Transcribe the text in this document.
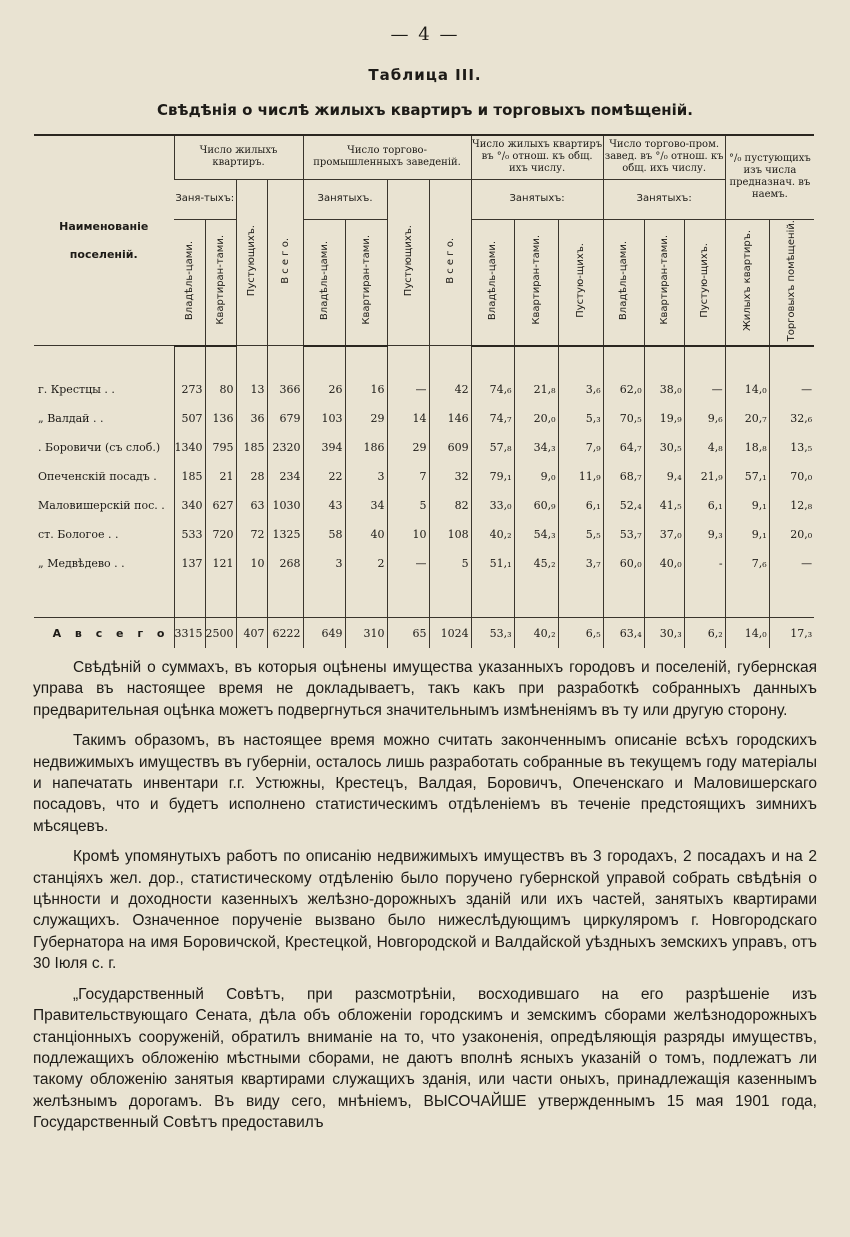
— 4 —
Таблица III.
Свѣдѣнія о числѣ жилыхъ квартиръ и торговыхъ помѣщеній.
Наименованіе
поселеній.	Число жилыхъ квартиръ.				Число торгово-промышленныхъ заведеній.				Число жилыхъ квартиръ въ °/₀ отнош. къ общ. ихъ числу.			Число торгово-пром. завед. въ °/₀ отнош. къ общ. ихъ числу.			°/₀ пустующихъ изъ числа предназнач. въ наемъ.	
	Заня-тыхъ:		Пустующихъ.	В с е г о.	Занятыхъ.		Пустующихъ.	В с е г о.	Занятыхъ:			Занятыхъ:				
	Владѣль-цами.	Квартиран-тами.			Владѣль-цами.	Квартиран-тами.			Владѣль-цами.	Квартиран-тами.	Пустую-щихъ.	Владѣль-цами.	Квартиран-тами.	Пустую-щихъ.	Жилыхъ квартиръ.	Торговыхъ помѣщеній.

г. Крестцы . .	273	80	13	366	26	16	—	42	74,₆	21,₈	3,₆	62,₀	38,₀	—	14,₀	—
„ Валдай . .	507	136	36	679	103	29	14	146	74,₇	20,₀	5,₃	70,₅	19,₉	9,₆	20,₇	32,₆
. Боровичи (съ слоб.)	1340	795	185	2320	394	186	29	609	57,₈	34,₃	7,₉	64,₇	30,₅	4,₈	18,₈	13,₅
Опеченскій посадъ .	185	21	28	234	22	3	7	32	79,₁	9,₀	11,₉	68,₇	9,₄	21,₉	57,₁	70,₀
Маловишерскій пос. .	340	627	63	1030	43	34	5	82	33,₀	60,₉	6,₁	52,₄	41,₅	6,₁	9,₁	12,₈
ст. Бологое . .	533	720	72	1325	58	40	10	108	40,₂	54,₃	5,₅	53,₇	37,₀	9,₃	9,₁	20,₀
„ Медвѣдево . .	137	121	10	268	3	2	—	5	51,₁	45,₂	3,₇	60,₀	40,₀	-	7,₆	—

А в с е г о	3315	2500	407	6222	649	310	65	1024	53,₃	40,₂	6,₅	63,₄	30,₃	6,₂	14,₀	17,₃

Свѣдѣній о суммахъ, въ которыя оцѣнены имущества указанныхъ городовъ и поселеній, губернская управа въ настоящее время не докладываетъ, такъ какъ при разработкѣ собранныхъ данныхъ предварительная оцѣнка можетъ подвергнуться значительнымъ измѣненіямъ въ ту или другую сторону.

Такимъ образомъ, въ настоящее время можно считать законченнымъ описаніе всѣхъ городскихъ недвижимыхъ имуществъ въ губерніи, осталось лишь разработать собранные въ текущемъ году матеріалы и напечатать инвентари г.г. Устюжны, Крестецъ, Валдая, Боровичъ, Опеченскаго и Маловишерскаго посадовъ, что и будетъ исполнено статистическимъ отдѣленіемъ въ теченіе предстоящихъ зимнихъ мѣсяцевъ.

Кромѣ упомянутыхъ работъ по описанію недвижимыхъ имуществъ въ 3 городахъ, 2 посадахъ и на 2 станціяхъ жел. дор., статистическому отдѣленію было поручено губернской управой собрать свѣдѣнія о цѣнности и доходности казенныхъ желѣзно-дорожныхъ зданій или ихъ частей, занятыхъ квартирами служащихъ. Означенное порученіе вызвано было нижеслѣдующимъ циркуляромъ г. Новгородскаго Губернатора на имя Боровичской, Крестецкой, Новгородской и Валдайской уѣздныхъ земскихъ управъ, отъ 30 Іюля с. г.

„Государственный Совѣтъ, при разсмотрѣніи, восходившаго на его разрѣшеніе изъ Правительствующаго Сената, дѣла объ обложеніи городскимъ и земскимъ сборами желѣзнодорожныхъ станціонныхъ сооруженій, обратилъ вниманіе на то, что узаконенія, опредѣляющія разряды имуществъ, подлежащихъ обложенію мѣстными сборами, не даютъ вполнѣ ясныхъ указаній о томъ, подлежатъ ли такому обложенію занятыя квартирами служащихъ зданія, или части оныхъ, принадлежащія казеннымъ желѣзнымъ дорогамъ. Въ виду сего, мнѣніемъ, ВЫСОЧАЙШЕ утвержденнымъ 15 мая 1901 года, Государственный Совѣтъ предоставилъ
